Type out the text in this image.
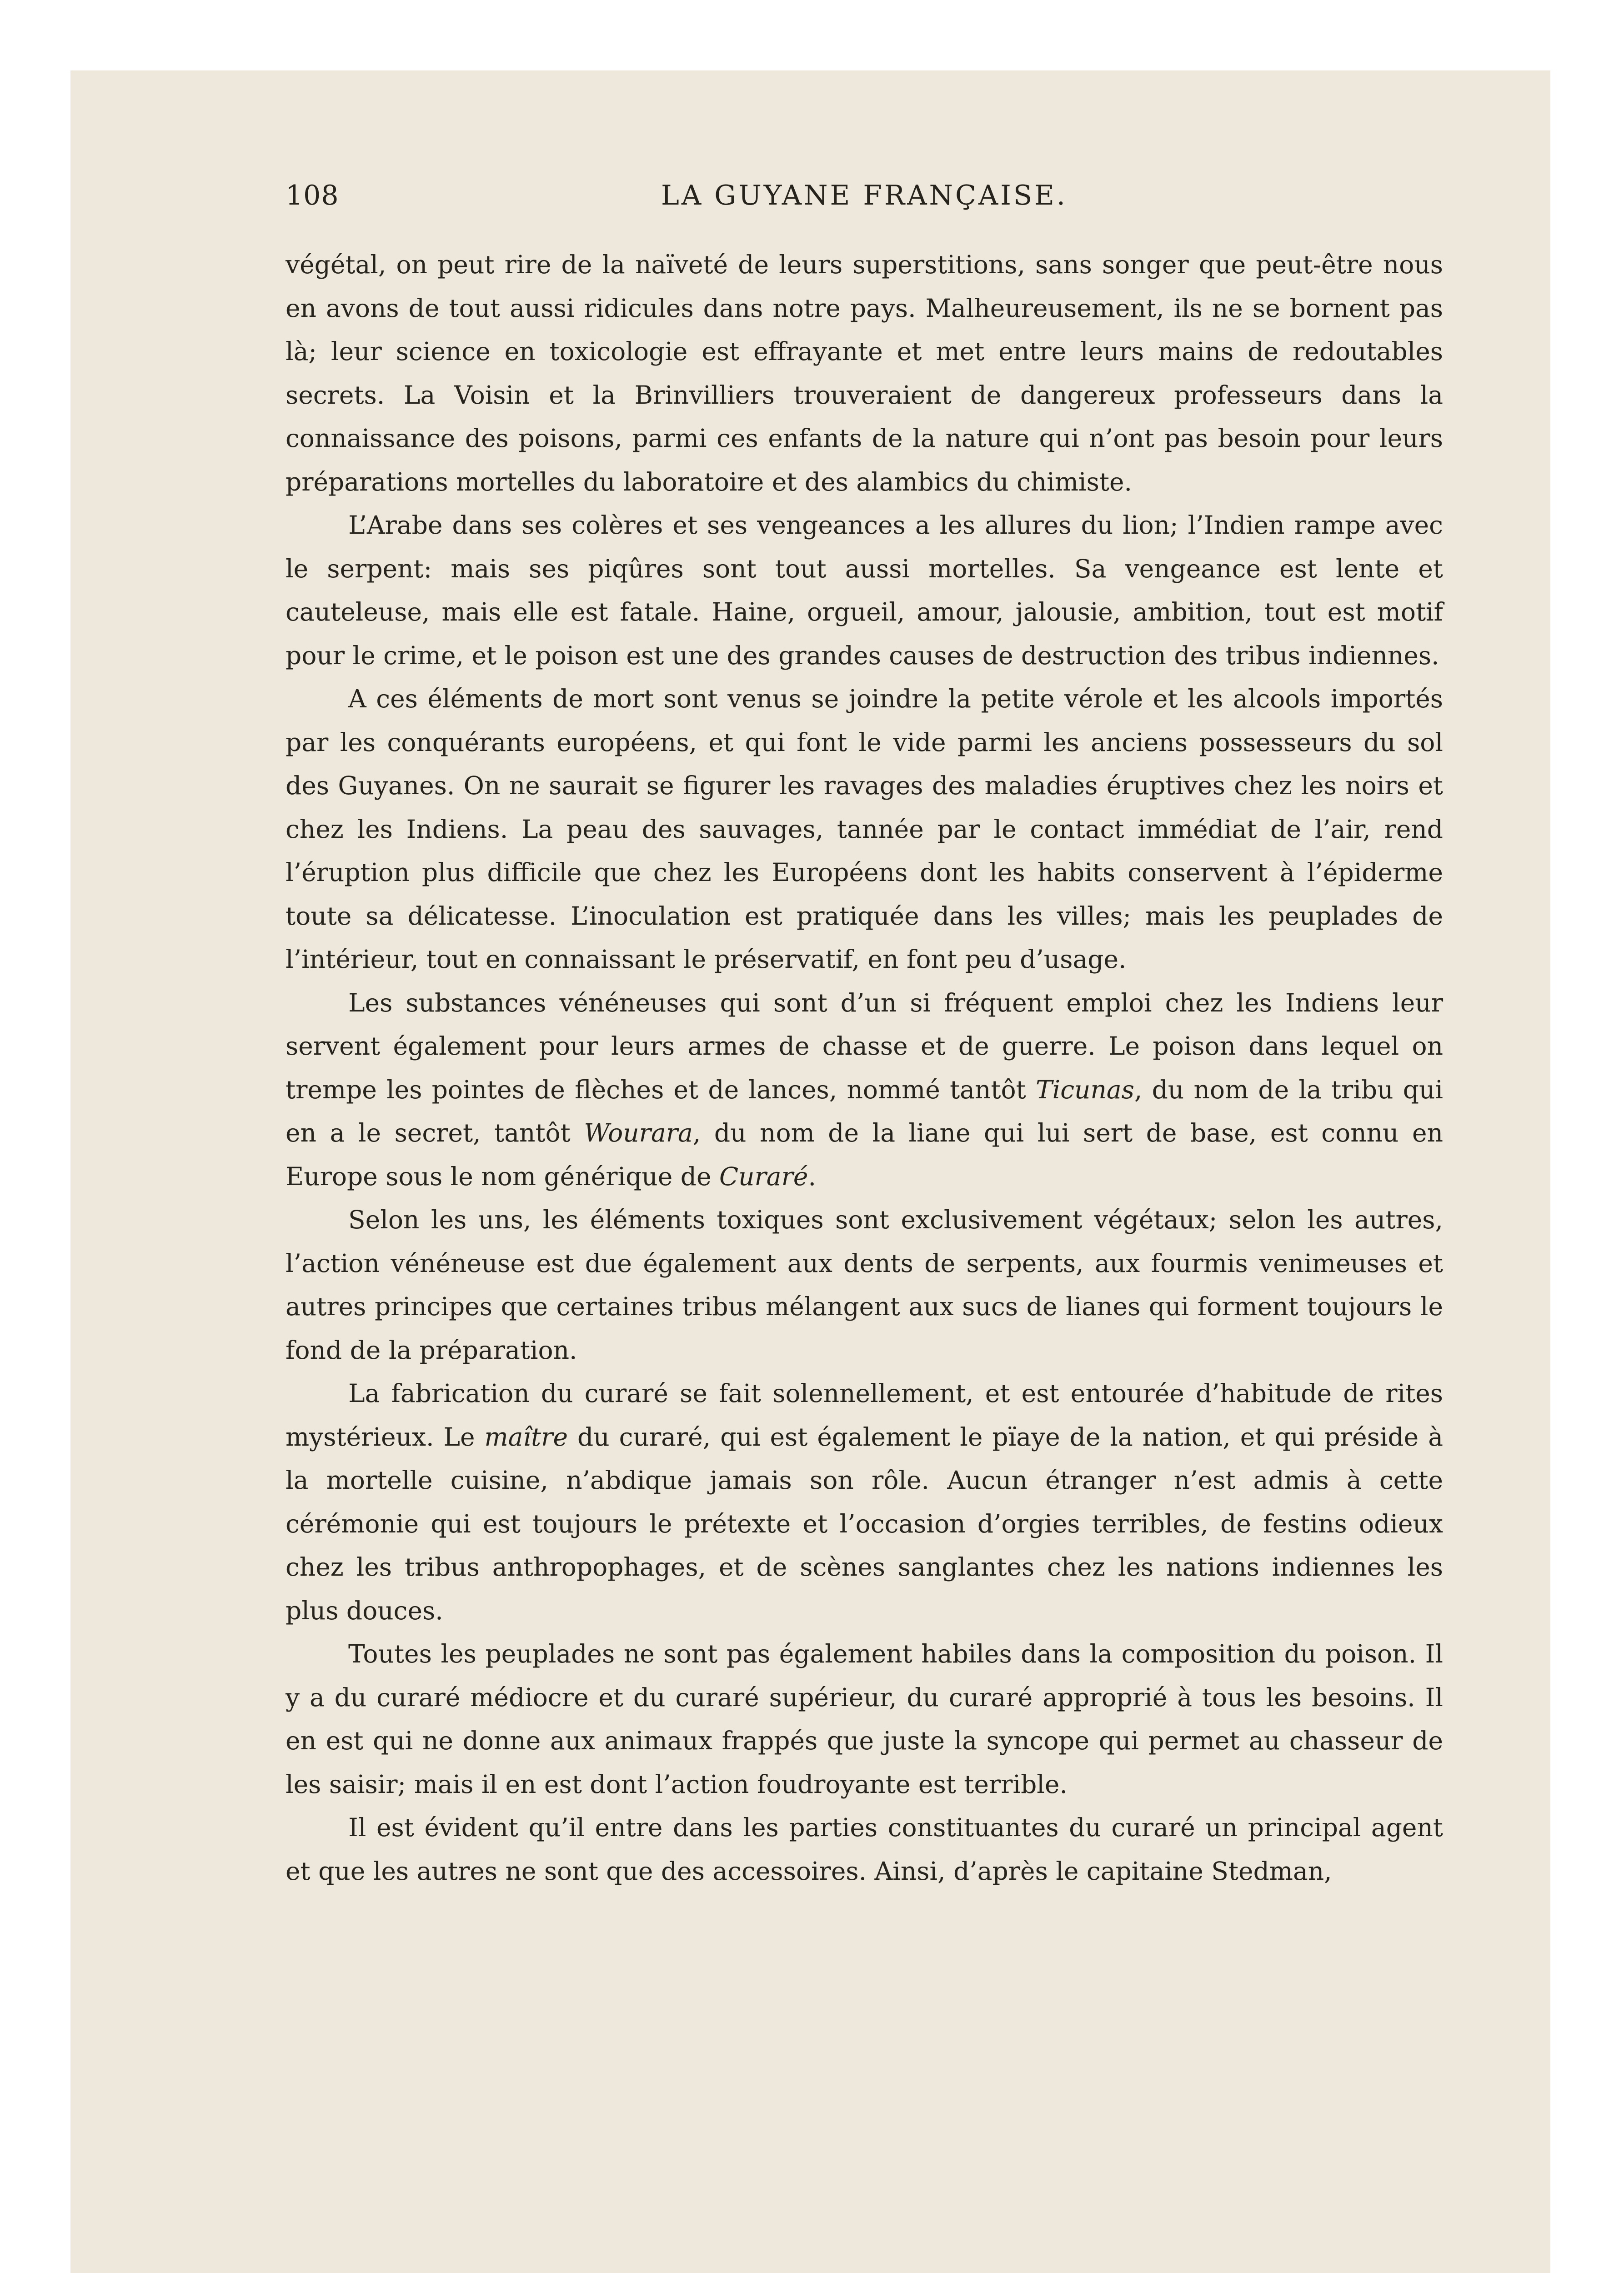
108	LA GUYANE FRANÇAISE.

végétal, on peut rire de la naïveté de leurs superstitions, sans songer que peut-être nous en avons de tout aussi ridicules dans notre pays. Malheureusement, ils ne se bornent pas là; leur science en toxicologie est effrayante et met entre leurs mains de redoutables secrets. La Voisin et la Brinvilliers trouveraient de dangereux professeurs dans la connaissance des poisons, parmi ces enfants de la nature qui n’ont pas besoin pour leurs préparations mortelles du laboratoire et des alambics du chimiste.

L’Arabe dans ses colères et ses vengeances a les allures du lion; l’Indien rampe avec le serpent: mais ses piqûres sont tout aussi mortelles. Sa vengeance est lente et cauteleuse, mais elle est fatale. Haine, orgueil, amour, jalousie, ambition, tout est motif pour le crime, et le poison est une des grandes causes de destruction des tribus indiennes.

A ces éléments de mort sont venus se joindre la petite vérole et les alcools importés par les conquérants européens, et qui font le vide parmi les anciens possesseurs du sol des Guyanes. On ne saurait se figurer les ravages des maladies éruptives chez les noirs et chez les Indiens. La peau des sauvages, tannée par le contact immédiat de l’air, rend l’éruption plus difficile que chez les Européens dont les habits conservent à l’épiderme toute sa délicatesse. L’inoculation est pratiquée dans les villes; mais les peuplades de l’intérieur, tout en connaissant le préservatif, en font peu d’usage.

Les substances vénéneuses qui sont d’un si fréquent emploi chez les Indiens leur servent également pour leurs armes de chasse et de guerre. Le poison dans lequel on trempe les pointes de flèches et de lances, nommé tantôt Ticunas, du nom de la tribu qui en a le secret, tantôt Wourara, du nom de la liane qui lui sert de base, est connu en Europe sous le nom générique de Curaré.

Selon les uns, les éléments toxiques sont exclusivement végétaux; selon les autres, l’action vénéneuse est due également aux dents de serpents, aux fourmis venimeuses et autres principes que certaines tribus mélangent aux sucs de lianes qui forment toujours le fond de la préparation.

La fabrication du curaré se fait solennellement, et est entourée d’habitude de rites mystérieux. Le maître du curaré, qui est également le pïaye de la nation, et qui préside à la mortelle cuisine, n’abdique jamais son rôle. Aucun étranger n’est admis à cette cérémonie qui est toujours le prétexte et l’occasion d’orgies terribles, de festins odieux chez les tribus anthropophages, et de scènes sanglantes chez les nations indiennes les plus douces.

Toutes les peuplades ne sont pas également habiles dans la composition du poison. Il y a du curaré médiocre et du curaré supérieur, du curaré approprié à tous les besoins. Il en est qui ne donne aux animaux frappés que juste la syncope qui permet au chasseur de les saisir; mais il en est dont l’action foudroyante est terrible.

Il est évident qu’il entre dans les parties constituantes du curaré un principal agent et que les autres ne sont que des accessoires. Ainsi, d’après le capitaine Stedman,
